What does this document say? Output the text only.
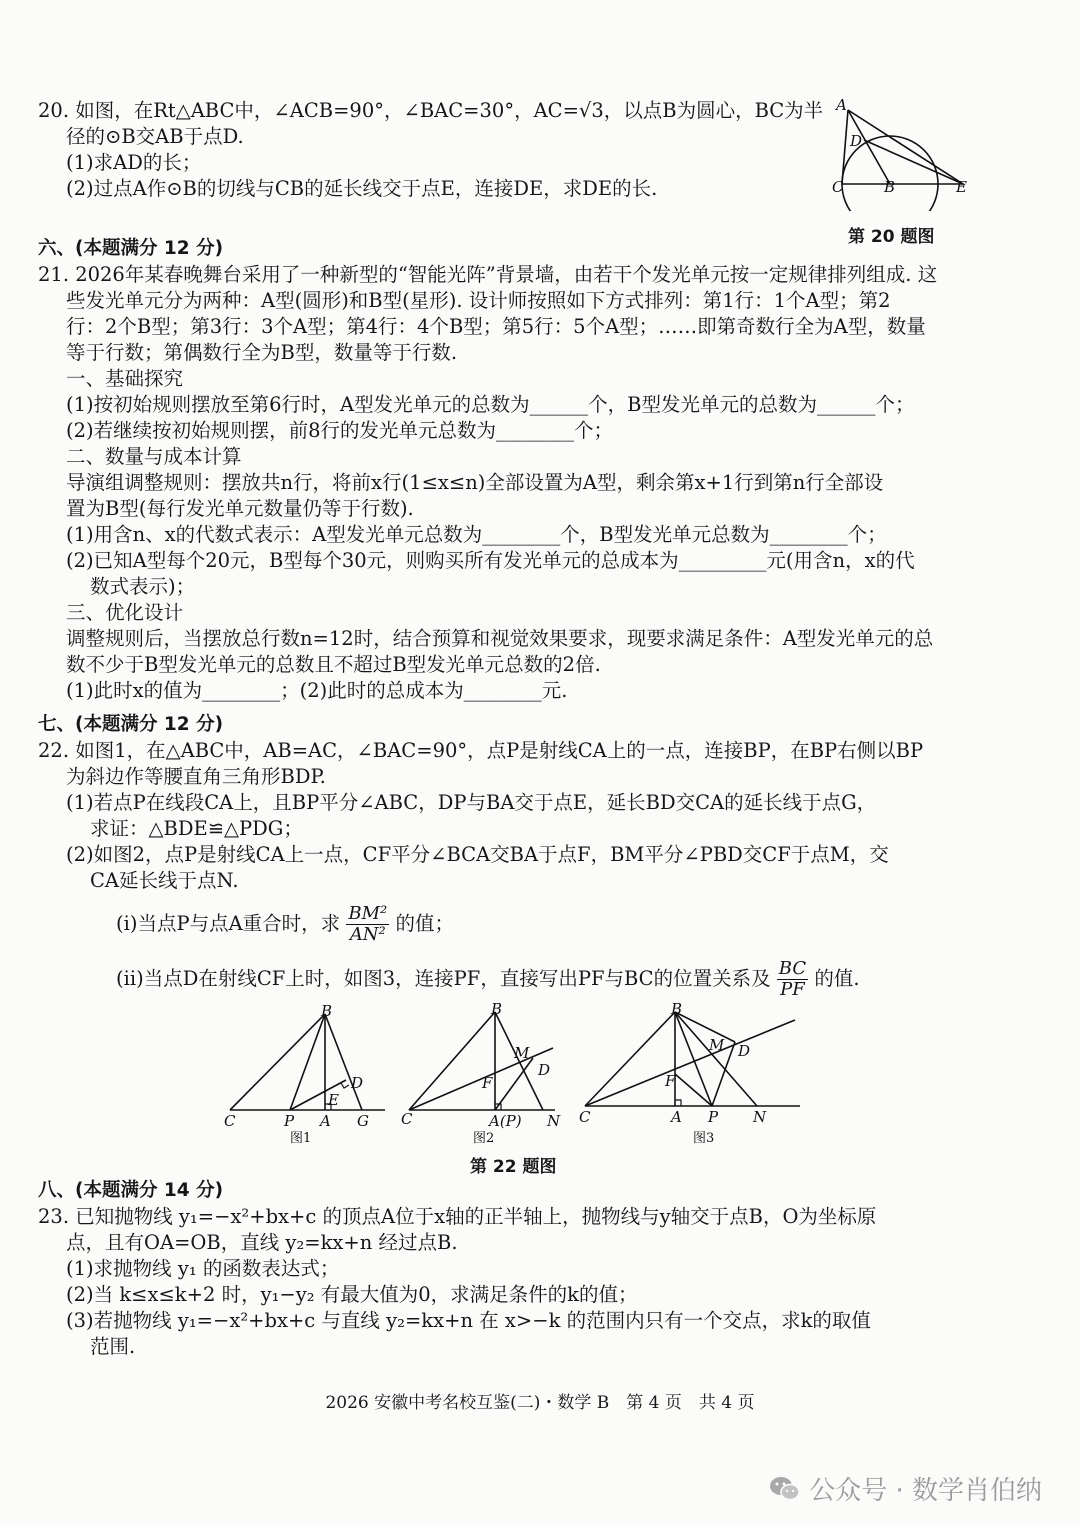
20. 如图，在Rt△ABC中，∠ACB=90°，∠BAC=30°，AC=√3，以点B为圆心，BC为半
径的⊙B交AB于点D.
(1)求AD的长；
(2)过点A作⊙B的切线与CB的延长线交于点E，连接DE，求DE的长.
A
D
C	B	E
第 20 题图
六、(本题满分 12 分)
21. 2026年某春晚舞台采用了一种新型的“智能光阵”背景墙，由若干个发光单元按一定规律排列组成. 这
些发光单元分为两种：A型(圆形)和B型(星形). 设计师按照如下方式排列：第1行：1个A型；第2
行：2个B型；第3行：3个A型；第4行：4个B型；第5行：5个A型；……即第奇数行全为A型，数量
等于行数；第偶数行全为B型，数量等于行数.
一、基础探究
(1)按初始规则摆放至第6行时，A型发光单元的总数为______个，B型发光单元的总数为______个；
(2)若继续按初始规则摆，前8行的发光单元总数为________个；
二、数量与成本计算
导演组调整规则：摆放共n行，将前x行(1≤x≤n)全部设置为A型，剩余第x+1行到第n行全部设
置为B型(每行发光单元数量仍等于行数).
(1)用含n、x的代数式表示：A型发光单元总数为________个，B型发光单元总数为________个；
(2)已知A型每个20元，B型每个30元，则购买所有发光单元的总成本为_________元(用含n，x的代
数式表示)；
三、优化设计
调整规则后，当摆放总行数n=12时，结合预算和视觉效果要求，现要求满足条件：A型发光单元的总
数不少于B型发光单元的总数且不超过B型发光单元总数的2倍.
(1)此时x的值为________；(2)此时的总成本为________元.
七、(本题满分 12 分)
22. 如图1，在△ABC中，AB=AC，∠BAC=90°，点P是射线CA上的一点，连接BP，在BP右侧以BP
为斜边作等腰直角三角形BDP.
(1)若点P在线段CA上，且BP平分∠ABC，DP与BA交于点E，延长BD交CA的延长线于点G，
求证：△BDE≌△PDG；
(2)如图2，点P是射线CA上一点，CF平分∠BCA交BA于点F，BM平分∠PBD交CF于点M，交
CA延长线于点N.
(ⅰ)当点P与点A重合时，求 $\frac{\text{BM²}}{\text{AN²}}$ 的值；
(ⅱ)当点D在射线CF上时，如图3，连接PF，直接写出PF与BC的位置关系及 $\frac{BC}{PF}$ 的值.
B
D
E
C	P A G
图1
B
M
D
F
C	A(P) N
图2
B
M D
F
C	A P N
图3
第 22 题图
八、(本题满分 14 分)
23. 已知抛物线 y₁=−x²+bx+c 的顶点A位于x轴的正半轴上，抛物线与y轴交于点B，O为坐标原
点，且有OA=OB，直线 y₂=kx+n 经过点B.
(1)求抛物线 y₁ 的函数表达式；
(2)当 k≤x≤k+2 时，y₁−y₂ 有最大值为0，求满足条件的k的值；
(3)若抛物线 y₁=−x²+bx+c 与直线 y₂=kx+n 在 x>−k 的范围内只有一个交点，求k的取值
范围.
2026 安徽中考名校互鉴(二)・数学 B　第 4 页　共 4 页
公众号 · 数学肖伯纳
